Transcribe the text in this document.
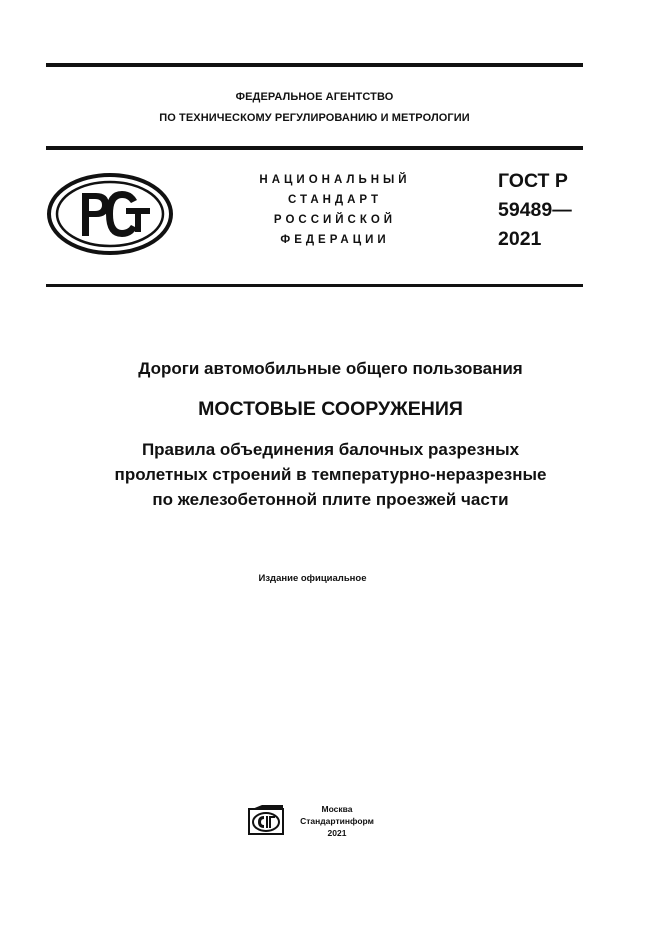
ФЕДЕРАЛЬНОЕ АГЕНТСТВО
ПО ТЕХНИЧЕСКОМУ РЕГУЛИРОВАНИЮ И МЕТРОЛОГИИ
НАЦИОНАЛЬНЫЙ
СТАНДАРТ
РОССИЙСКОЙ
ФЕДЕРАЦИИ
ГОСТ Р
59489—
2021
Дороги автомобильные общего пользования
МОСТОВЫЕ СООРУЖЕНИЯ
Правила объединения балочных разрезных
пролетных строений в температурно-неразрезные
по железобетонной плите проезжей части
Издание официальное
Москва
Стандартинформ
2021
